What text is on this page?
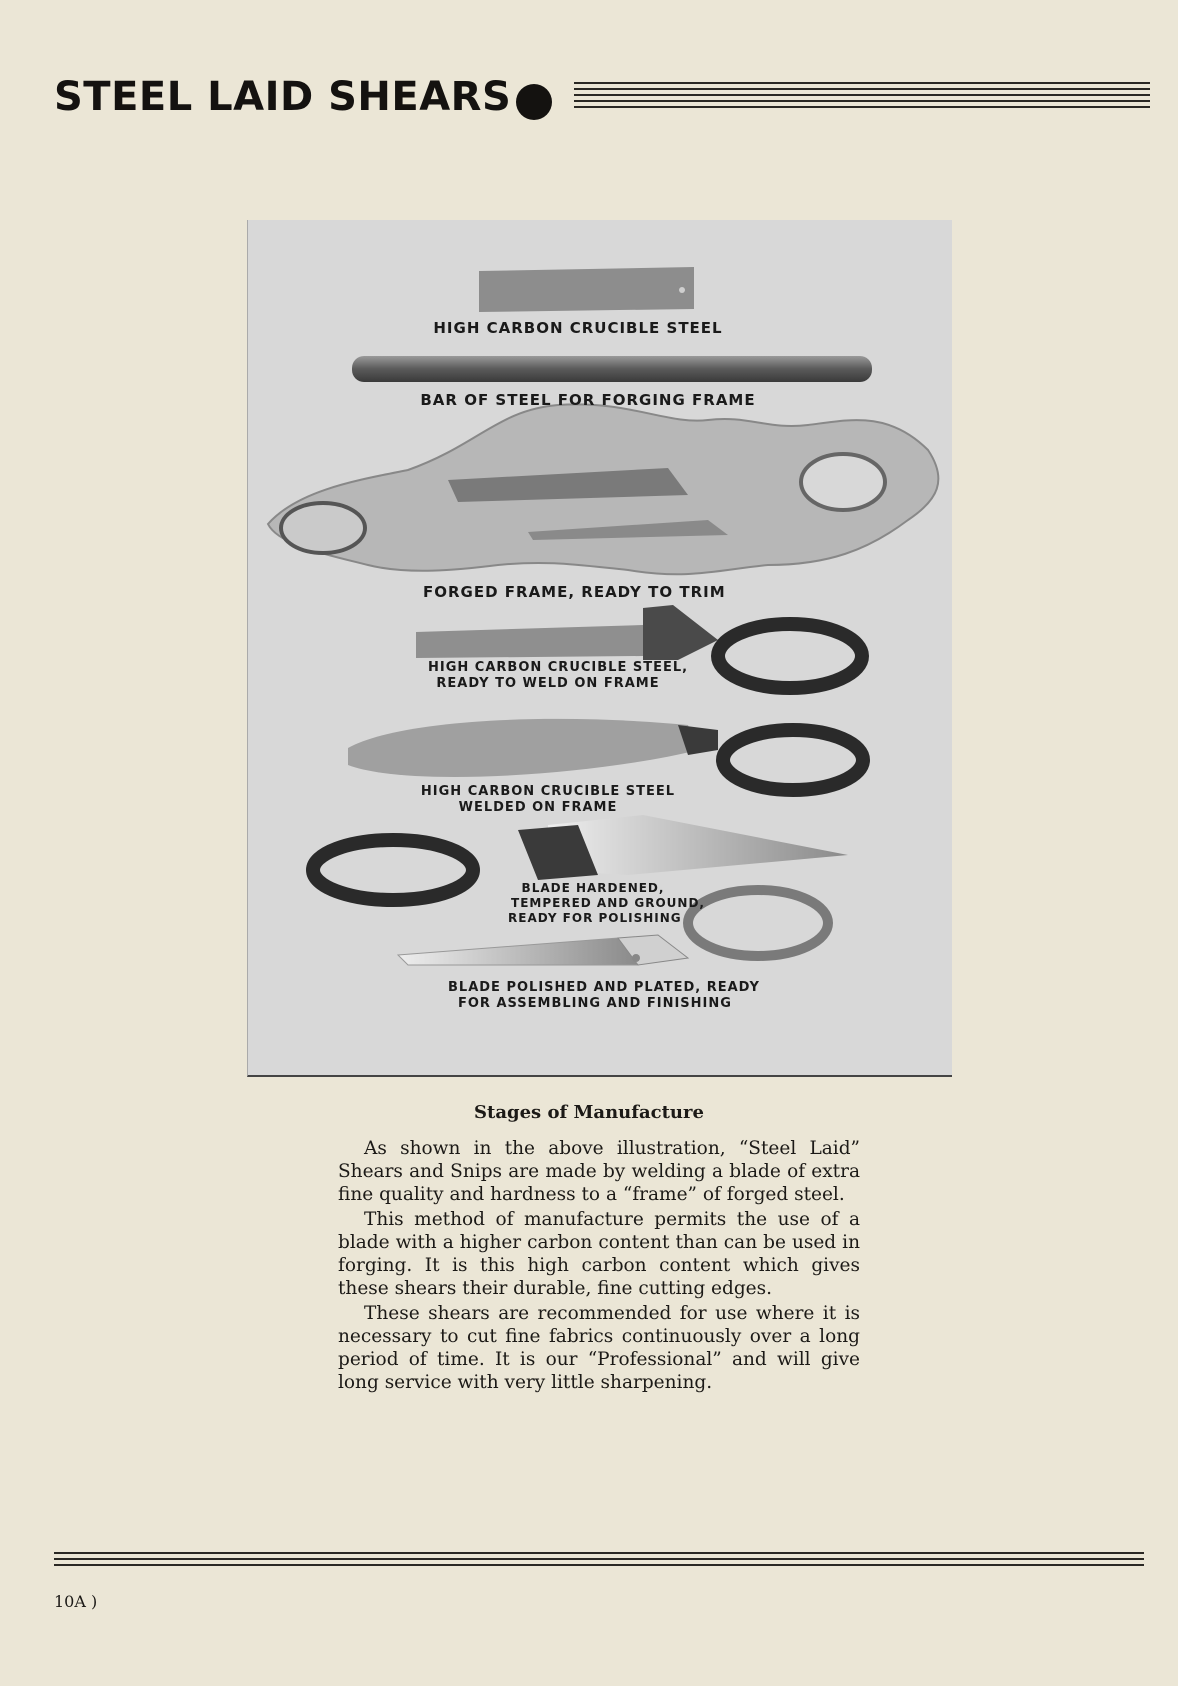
STEEL LAID SHEARS
HIGH CARBON CRUCIBLE STEEL
BAR OF STEEL FOR FORGING FRAME
FORGED FRAME, READY TO TRIM
HIGH CARBON CRUCIBLE STEEL,
READY TO WELD ON FRAME
HIGH CARBON CRUCIBLE STEEL
WELDED ON FRAME
BLADE HARDENED,
TEMPERED AND GROUND,
READY FOR POLISHING
BLADE POLISHED AND PLATED, READY
FOR ASSEMBLING AND FINISHING
Stages of Manufacture

As shown in the above illustration, “Steel Laid” Shears and Snips are made by welding a blade of extra fine quality and hardness to a “frame” of forged steel.

This method of manufacture permits the use of a blade with a higher carbon content than can be used in forging. It is this high carbon content which gives these shears their durable, fine cutting edges.

These shears are recommended for use where it is necessary to cut fine fabrics continuously over a long period of time. It is our “Professional” and will give long service with very little sharpening.

10A )
